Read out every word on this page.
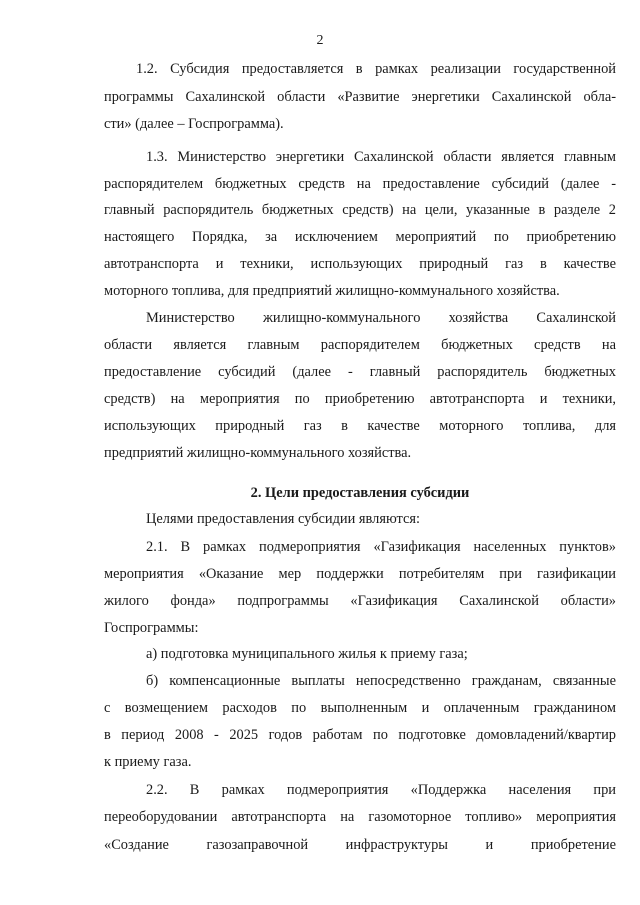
2
1.2. Субсидия предоставляется в рамках реализации государственной
программы Сахалинской области «Развитие энергетики Сахалинской обла-
сти» (далее – Госпрограмма).
1.3. Министерство энергетики Сахалинской области является главным
распорядителем бюджетных средств на предоставление субсидий (далее -
главный распорядитель бюджетных средств) на цели, указанные в разделе 2
настоящего Порядка, за исключением мероприятий по приобретению
автотранспорта и техники, использующих природный газ в качестве
моторного топлива, для предприятий жилищно-коммунального хозяйства.
Министерство жилищно-коммунального хозяйства Сахалинской
области является главным распорядителем бюджетных средств на
предоставление субсидий (далее - главный распорядитель бюджетных
средств) на мероприятия по приобретению автотранспорта и техники,
использующих природный газ в качестве моторного топлива, для
предприятий жилищно-коммунального хозяйства.
2. Цели предоставления субсидии
Целями предоставления субсидии являются:
2.1. В рамках подмероприятия «Газификация населенных пунктов»
мероприятия «Оказание мер поддержки потребителям при газификации
жилого фонда» подпрограммы «Газификация Сахалинской области»
Госпрограммы:
а) подготовка муниципального жилья к приему газа;
б) компенсационные выплаты непосредственно гражданам, связанные
с возмещением расходов по выполненным и оплаченным гражданином
в период 2008 - 2025 годов работам по подготовке домовладений/квартир
к приему газа.
2.2. В рамках подмероприятия «Поддержка населения при
переоборудовании автотранспорта на газомоторное топливо» мероприятия
«Создание газозаправочной инфраструктуры и приобретение
